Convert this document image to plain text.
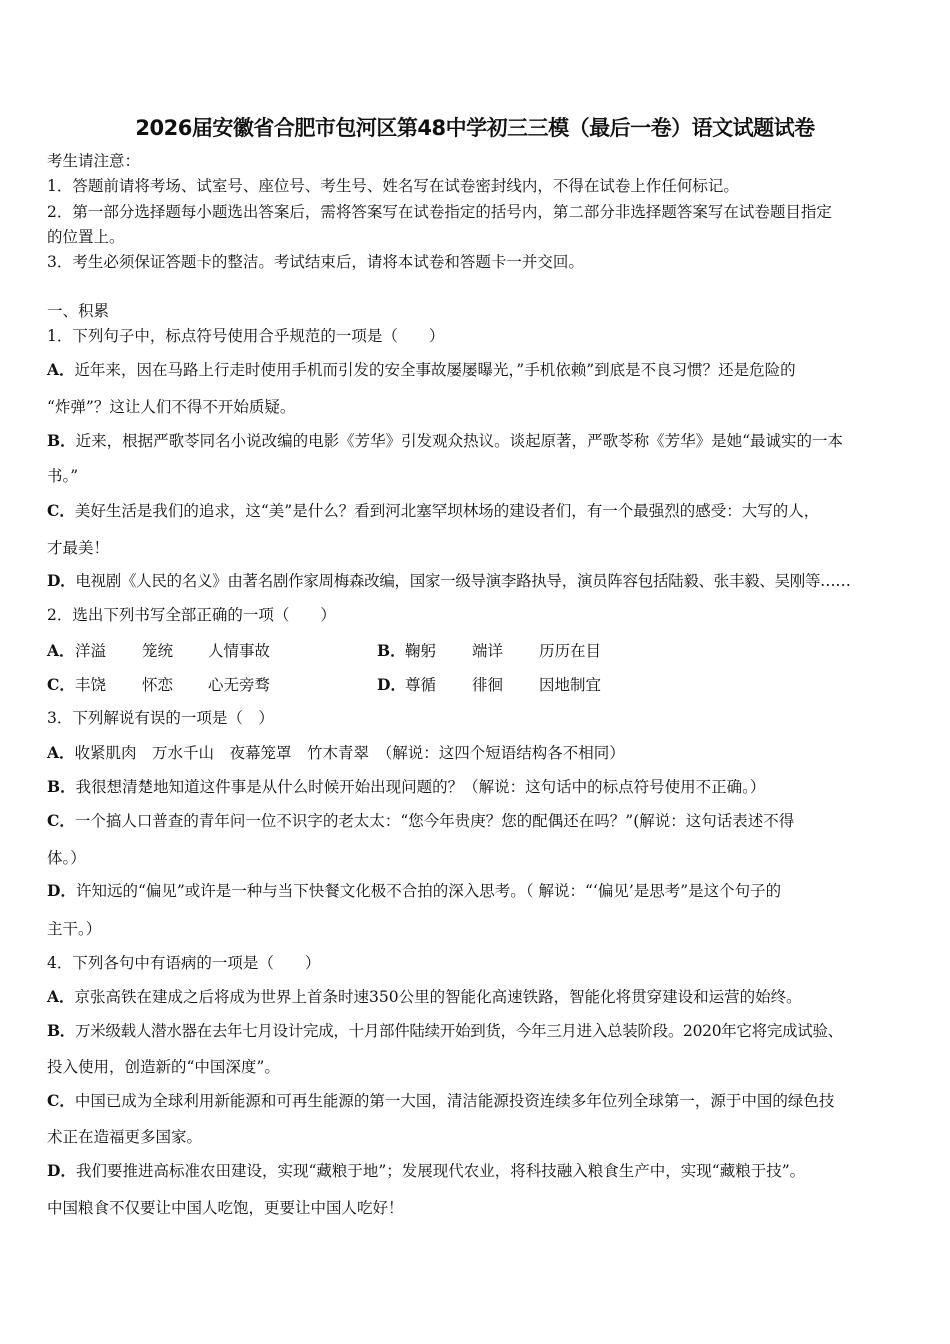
2026届安徽省合肥市包河区第48中学初三三模（最后一卷）语文试题试卷
考生请注意：
1．答题前请将考场、试室号、座位号、考生号、姓名写在试卷密封线内，不得在试卷上作任何标记。
2．第一部分选择题每小题选出答案后，需将答案写在试卷指定的括号内，第二部分非选择题答案写在试卷题目指定
的位置上。
3．考生必须保证答题卡的整洁。考试结束后，请将本试卷和答题卡一并交回。
一、积累
1．下列句子中，标点符号使用合乎规范的一项是（　　）
A．近年来，因在马路上行走时使用手机而引发的安全事故屡屡曝光，”手机依赖”到底是不良习惯？还是危险的
“炸弹”？这让人们不得不开始质疑。
B．近来，根据严歌苓同名小说改编的电影《芳华》引发观众热议。谈起原著，严歌苓称《芳华》是她“最诚实的一本
书。”
C．美好生活是我们的追求，这“美”是什么？看到河北塞罕坝林场的建设者们，有一个最强烈的感受：大写的人，
才最美！
D．电视剧《人民的名义》由著名剧作家周梅森改编，国家一级导演李路执导，演员阵容包括陆毅、张丰毅、吴刚等……
2．选出下列书写全部正确的一项（　　）
A． 洋溢 笼统 人情事故	B． 鞠躬 端详 历历在目
C． 丰饶 怀恋 心无旁骛	D． 尊循 徘徊 因地制宜
3．下列解说有误的一项是（　）
A．收紧肌肉　万水千山　夜幕笼罩　竹木青翠　（解说：这四个短语结构各不相同）
B．我很想清楚地知道这件事是从什么时候开始出现问题的？（解说：这句话中的标点符号使用不正确。）
C．一个搞人口普查的青年问一位不识字的老太太：“您今年贵庚？您的配偶还在吗？”(解说：这句话表述不得
体。）
D．许知远的“偏见”或许是一种与当下快餐文化极不合拍的深入思考。（ 解说：“‘偏见’是思考”是这个句子的
主干。）
4．下列各句中有语病的一项是（　　）
A．京张高铁在建成之后将成为世界上首条时速350公里的智能化高速铁路，智能化将贯穿建设和运营的始终。
B．万米级载人潜水器在去年七月设计完成，十月部件陆续开始到货，今年三月进入总装阶段。2020年它将完成试验、
投入使用，创造新的“中国深度”。
C．中国已成为全球利用新能源和可再生能源的第一大国，清洁能源投资连续多年位列全球第一，源于中国的绿色技
术正在造福更多国家。
D．我们要推进高标准农田建设，实现“藏粮于地”；发展现代农业，将科技融入粮食生产中，实现“藏粮于技”。
中国粮食不仅要让中国人吃饱，更要让中国人吃好！
